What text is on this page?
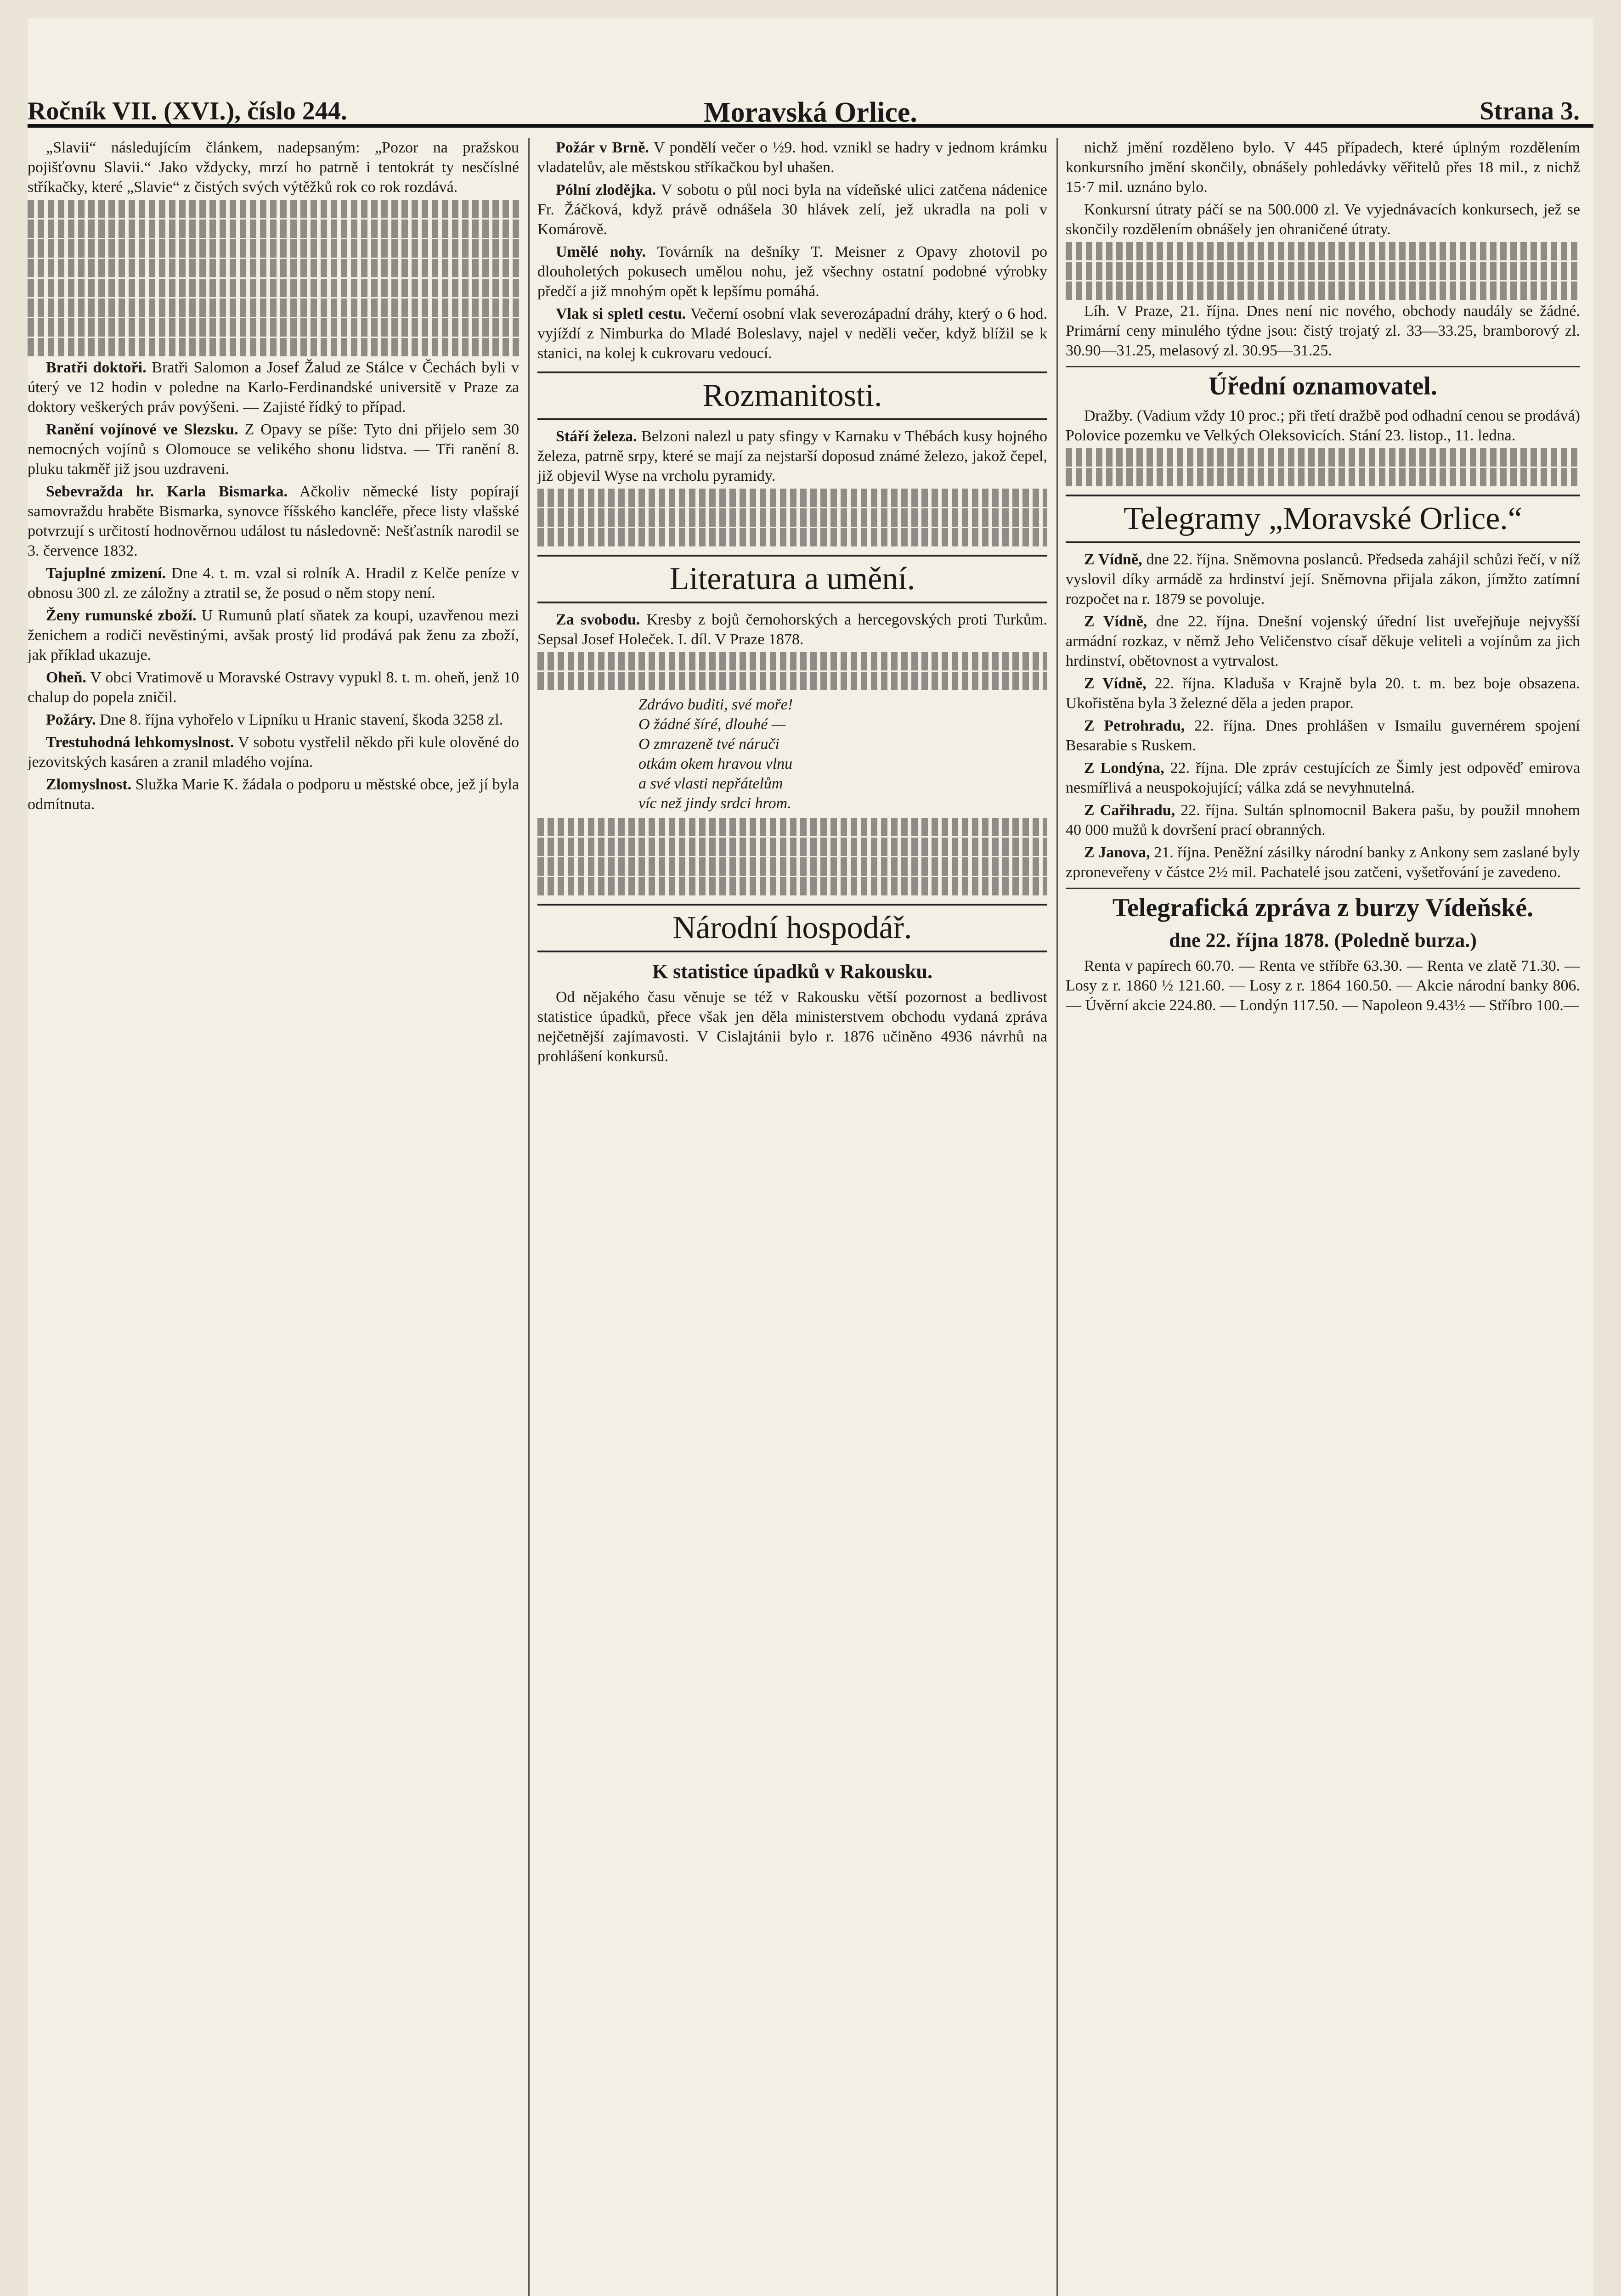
Ročník VII. (XVI.), číslo 244.	Moravská Orlice.	Strana 3.

„Slavii“ následujícím článkem, nadepsaným: „Pozor na pražskou pojišťovnu Slavii.“ Jako vždycky, mrzí ho patrně i tentokrát ty nesčíslné stříkačky, které „Slavie“ z čistých svých výtěžků rok co rok rozdává.

Bratři doktoři. Bratři Salomon a Josef Žalud ze Stálce v Čechách byli v úterý ve 12 hodin v poledne na Karlo-Ferdinandské universitě v Praze za doktory veškerých práv povýšeni. — Zajisté řídký to případ.

Ranění vojínové ve Slezsku. Z Opavy se píše: Tyto dni přijelo sem 30 nemocných vojínů s Olomouce se velikého shonu lidstva. — Tři ranění 8. pluku takměř již jsou uzdraveni.

Sebevražda hr. Karla Bismarka. Ačkoliv německé listy popírají samovraždu hraběte Bismarka, synovce říšského kancléře, přece listy vlašské potvrzují s určitostí hodnověrnou událost tu následovně: Nešťastník narodil se 3. července 1832.

Tajuplné zmizení. Dne 4. t. m. vzal si rolník A. Hradil z Kelče peníze v obnosu 300 zl. ze záložny a ztratil se, že posud o něm stopy není.

Ženy rumunské zboží. U Rumunů platí sňatek za koupi, uzavřenou mezi ženichem a rodiči nevěstinými, avšak prostý lid prodává pak ženu za zboží, jak příklad ukazuje.

Oheň. V obci Vratimově u Moravské Ostravy vypukl 8. t. m. oheň, jenž 10 chalup do popela zničil.

Požáry. Dne 8. října vyhořelo v Lipníku u Hranic stavení, škoda 3258 zl.

Trestuhodná lehkomyslnost. V sobotu vystřelil někdo při kule olověné do jezovitských kasáren a zranil mladého vojína.

Zlomyslnost. Služka Marie K. žádala o podporu u městské obce, jež jí byla odmítnuta.

Požár v Brně. V pondělí večer o ½9. hod. vznikl se hadry v jednom krámku vladatelův, ale městskou stříkačkou byl uhašen.

Pólní zlodějka. V sobotu o půl noci byla na vídeňské ulici zatčena nádenice Fr. Žáčková, když právě odnášela 30 hlávek zelí, jež ukradla na poli v Komárově.

Umělé nohy. Továrník na dešníky T. Meisner z Opavy zhotovil po dlouholetých pokusech umělou nohu, jež všechny ostatní podobné výrobky předčí a již mnohým opět k lepšímu pomáhá.

Vlak si spletl cestu. Večerní osobní vlak severozápadní dráhy, který o 6 hod. vyjíždí z Nimburka do Mladé Boleslavy, najel v neděli večer, když blížil se k stanici, na kolej k cukrovaru vedoucí.

Rozmanitosti.

Stáří železa. Belzoni nalezl u paty sfingy v Karnaku v Thébách kusy hojného železa, patrně srpy, které se mají za nejstarší doposud známé železo, jakož čepel, již objevil Wyse na vrcholu pyramidy.

Literatura a umění.

Za svobodu. Kresby z bojů černohorských a hercegovských proti Turkům. Sepsal Josef Holeček. I. díl. V Praze 1878.

Zdrávo buditi, své moře!
O žádné šíré, dlouhé —
O zmrazeně tvé náruči
otkám okem hravou vlnu
a své vlasti nepřátelům
víc než jindy srdci hrom.
Národní hospodář.
K statistice úpadků v Rakousku.

Od nějakého času věnuje se též v Rakousku větší pozornost a bedlivost statistice úpadků, přece však jen děla ministerstvem obchodu vydaná zpráva nejčetnější zajímavosti. V Cislajtánii bylo r. 1876 učiněno 4936 návrhů na prohlášení konkursů.

nichž jmění rozděleno bylo. V 445 případech, které úplným rozdělením konkursního jmění skončily, obnášely pohledávky věřitelů přes 18 mil., z nichž 15·7 mil. uznáno bylo.

Konkursní útraty páčí se na 500.000 zl. Ve vyjednávacích konkursech, jež se skončily rozdělením obnášely jen ohraničené útraty.

Líh. V Praze, 21. října. Dnes není nic nového, obchody naudály se žádné. Primární ceny minulého týdne jsou: čistý trojatý zl. 33—33.25, bramborový zl. 30.90—31.25, melasový zl. 30.95—31.25.

Úřední oznamovatel.

Dražby. (Vadium vždy 10 proc.; při třetí dražbě pod odhadní cenou se prodává) Polovice pozemku ve Velkých Oleksovicích. Stání 23. listop., 11. ledna.

Telegramy „Moravské Orlice.“

Z Vídně, dne 22. října. Sněmovna poslanců. Předseda zahájil schůzi řečí, v níž vyslovil díky armádě za hrdinství její. Sněmovna přijala zákon, jímžto zatímní rozpočet na r. 1879 se povoluje.

Z Vídně, dne 22. října. Dnešní vojenský úřední list uveřejňuje nejvyšší armádní rozkaz, v němž Jeho Veličenstvo císař děkuje veliteli a vojínům za jich hrdinství, obětovnost a vytrvalost.

Z Vídně, 22. října. Kladuša v Krajně byla 20. t. m. bez boje obsazena. Ukořistěna byla 3 železné děla a jeden prapor.

Z Petrohradu, 22. října. Dnes prohlášen v Ismailu guvernérem spojení Besarabie s Ruskem.

Z Londýna, 22. října. Dle zpráv cestujících ze Šimly jest odpověď emirova nesmířlivá a neuspokojující; válka zdá se nevyhnutelná.

Z Cařihradu, 22. října. Sultán splnomocnil Bakera pašu, by použil mnohem 40 000 mužů k dovršení prací obranných.

Z Janova, 21. října. Peněžní zásilky národní banky z Ankony sem zaslané byly zproneveřeny v částce 2½ mil. Pachatelé jsou zatčeni, vyšetřování je zavedeno.

Telegrafická zpráva z burzy Vídeňské.
dne 22. října 1878. (Poledně burza.)

Renta v papírech 60.70. — Renta ve stříbře 63.30. — Renta ve zlatě 71.30. — Losy z r. 1860 ½ 121.60. — Losy z r. 1864 160.50. — Akcie národní banky 806. — Úvěrní akcie 224.80. — Londýn 117.50. — Napoleon 9.43½ — Stříbro 100.—
